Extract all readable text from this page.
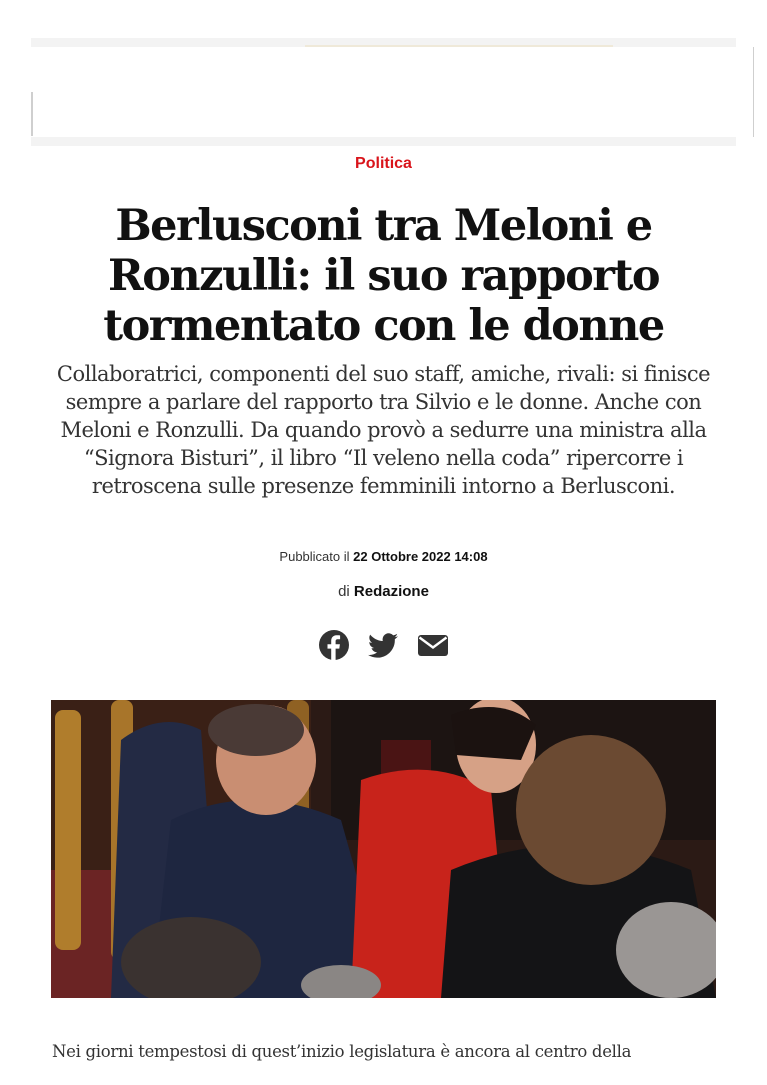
Politica
Berlusconi tra Meloni e Ronzulli: il suo rapporto tormentato con le donne

Collaboratrici, componenti del suo staff, amiche, rivali: si finisce sempre a parlare del rapporto tra Silvio e le donne. Anche con Meloni e Ronzulli. Da quando provò a sedurre una ministra alla “Signora Bisturi”, il libro “Il veleno nella coda” ripercorre i retroscena sulle presenze femminili intorno a Berlusconi.

Pubblicato il 22 Ottobre 2022 14:08
di Redazione

Nei giorni tempestosi di quest’inizio legislatura è ancora al centro della
